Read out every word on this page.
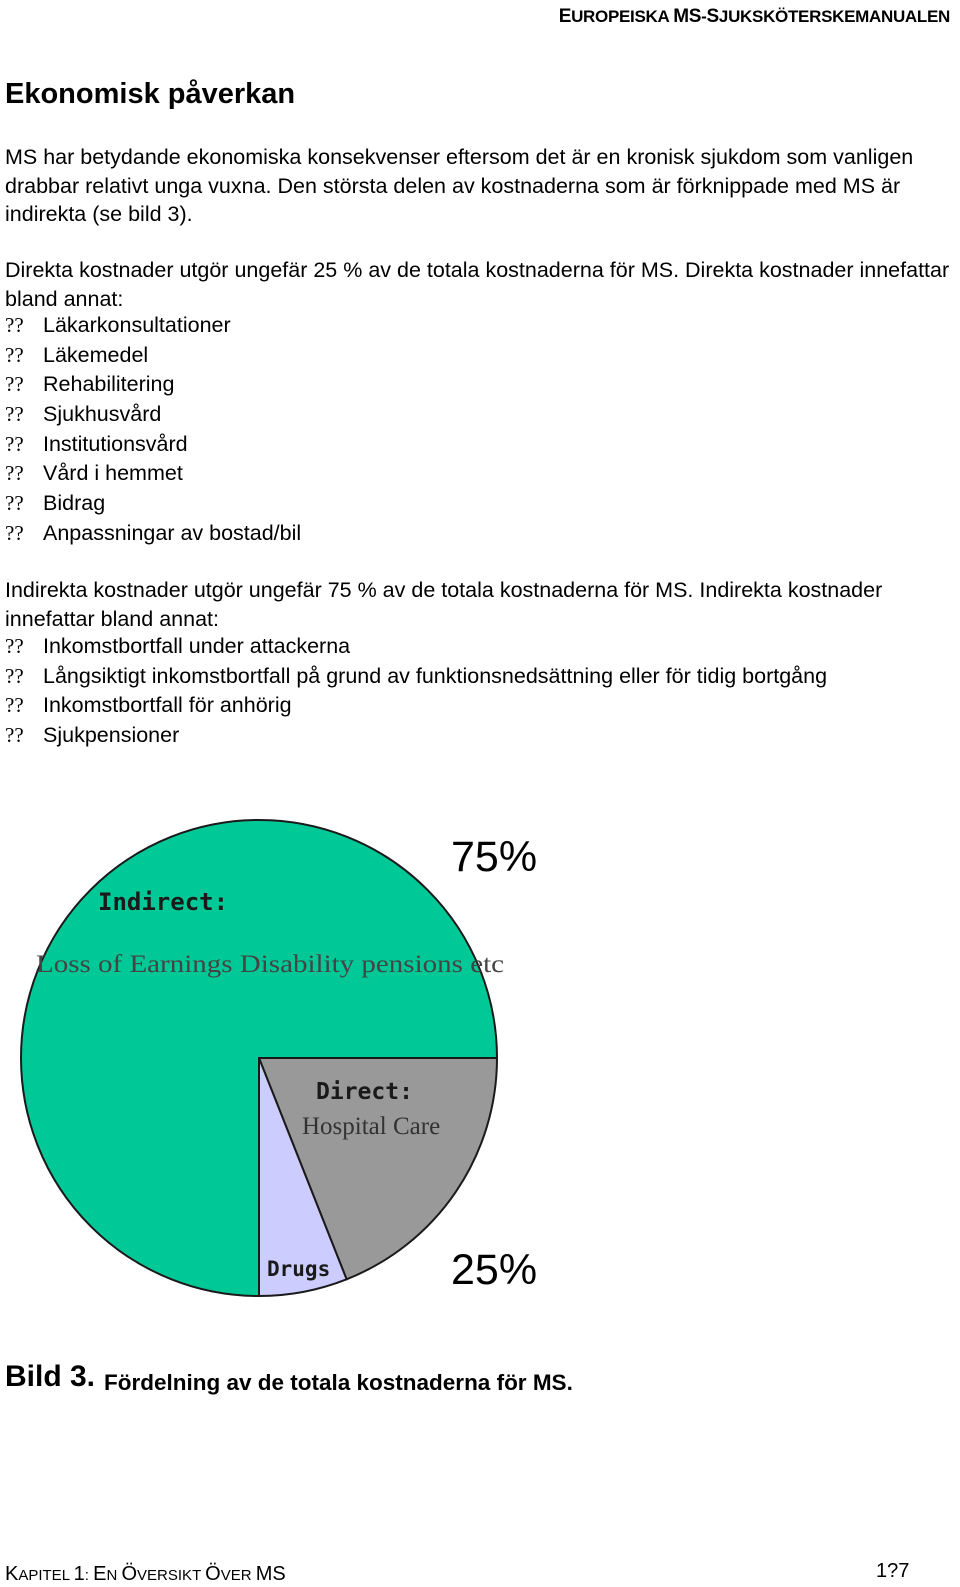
EUROPEISKA MS-SJUKSKÖTERSKEMANUALEN
Ekonomisk påverkan
MS har betydande ekonomiska konsekvenser eftersom det är en kronisk sjukdom som vanligen drabbar relativt unga vuxna. Den största delen av kostnaderna som är förknippade med MS är indirekta (se bild 3).
Direkta kostnader utgör ungefär 25 % av de totala kostnaderna för MS. Direkta kostnader innefattar bland annat:
?? Läkarkonsultationer
?? Läkemedel
?? Rehabilitering
?? Sjukhusvård
?? Institutionsvård
?? Vård i hemmet
?? Bidrag
?? Anpassningar av bostad/bil
Indirekta kostnader utgör ungefär 75 % av de totala kostnaderna för MS. Indirekta kostnader innefattar bland annat:
?? Inkomstbortfall under attackerna
?? Långsiktigt inkomstbortfall på grund av funktionsnedsättning eller för tidig bortgång
?? Inkomstbortfall för anhörig
?? Sjukpensioner
Indirect:
Loss of Earnings Disability pensions etc
Direct:
Hospital Care
Drugs
75%
25%
Bild 3. Fördelning av de totala kostnaderna för MS.
KAPITEL 1: EN ÖVERSIKT ÖVER MS	1?7
